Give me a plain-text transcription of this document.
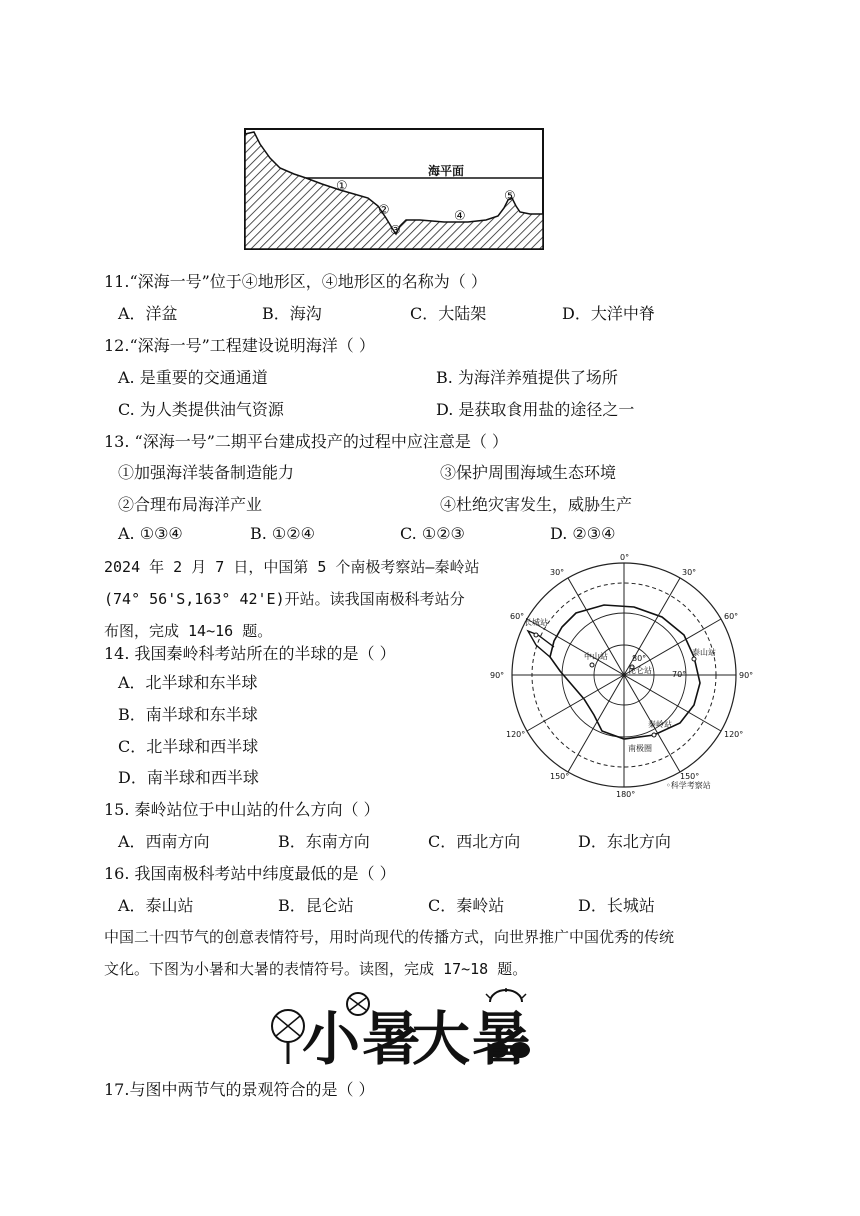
海平面
①
②
③
④
⑤
11.“深海一号”位于④地形区，④地形区的名称为（ ）
A．洋盆	B．海沟	C．大陆架	D．大洋中脊
12.“深海一号”工程建设说明海洋（ ）
A. 是重要的交通通道	B. 为海洋养殖提供了场所
C. 为人类提供油气资源	D. 是获取食用盐的途径之一
13. “深海一号”二期平台建成投产的过程中应注意是（ ）
①加强海洋装备制造能力	③保护周围海域生态环境
②合理布局海洋产业	④杜绝灾害发生，威胁生产
A. ①③④	B. ①②④	C. ①②③	D. ②③④
2024 年 2 月 7 日，中国第 5 个南极考察站—秦岭站
(74° 56'S,163° 42'E)开站。读我国南极科考站分
布图，完成 14~16 题。
0°
30°	30°
60°	60°
90°	90°
120°	120°
150°	150°
180°
70°
80°
长城站
中山站	泰山站
昆仑站
秦岭站
南极圈
◦科学考察站
14. 我国秦岭科考站所在的半球的是（ ）
A．北半球和东半球
B．南半球和东半球
C．北半球和西半球
D．南半球和西半球
15. 秦岭站位于中山站的什么方向（ ）
A．西南方向	B．东南方向	C．西北方向	D．东北方向
16. 我国南极科考站中纬度最低的是（ ）
A．泰山站	B．昆仑站	C．秦岭站	D．长城站
中国二十四节气的创意表情符号，用时尚现代的传播方式，向世界推广中国优秀的传统
文化。下图为小暑和大暑的表情符号。读图，完成 17~18 题。
小暑
大暑
17.与图中两节气的景观符合的是（ ）
